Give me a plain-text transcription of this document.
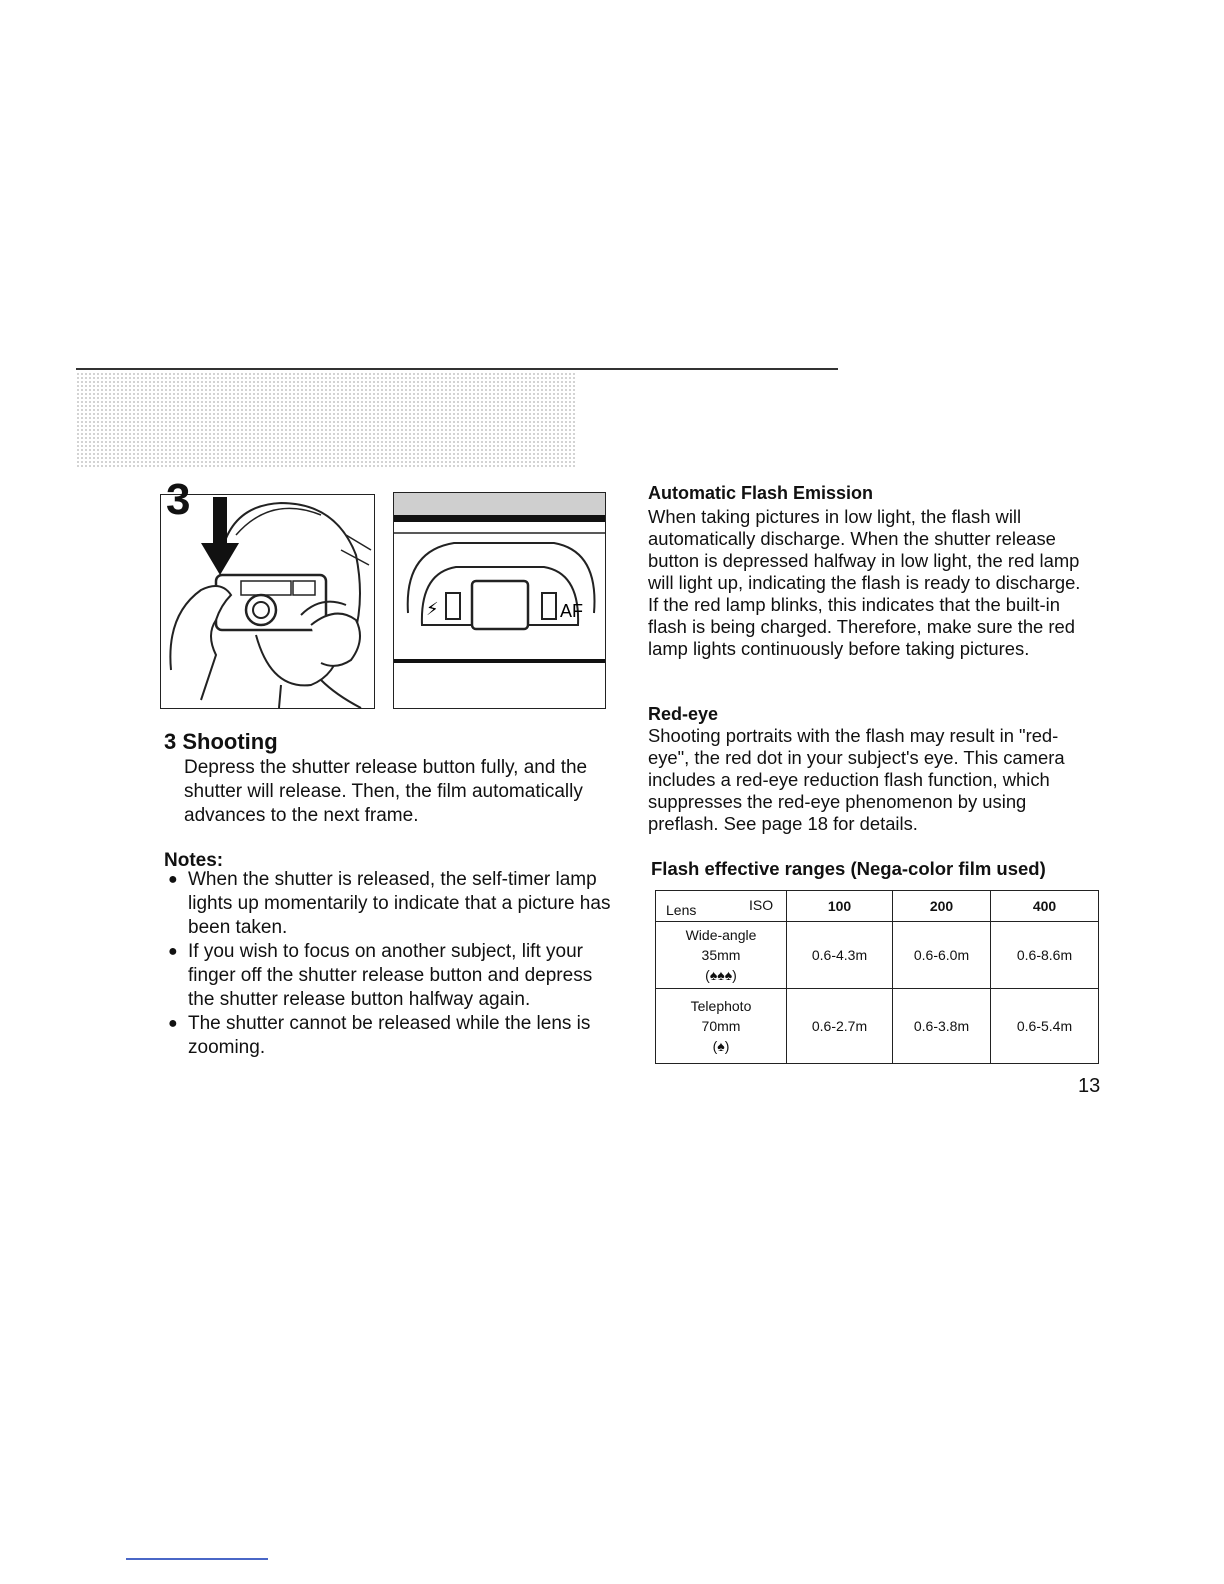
3
⚡	AF
3 Shooting
Depress the shutter release button fully, and the shutter will release. Then, the film automatically advances to the next frame.
Notes:
● When the shutter is released, the self-timer lamp lights up momentarily to indicate that a picture has been taken.
● If you wish to focus on another subject, lift your finger off the shutter release button and depress the shutter release button halfway again.
● The shutter cannot be released while the lens is zooming.
Automatic Flash Emission
When taking pictures in low light, the flash will automatically discharge. When the shutter release button is depressed halfway in low light, the red lamp will light up, indicating the flash is ready to discharge. If the red lamp blinks, this indicates that the built-in flash is being charged. Therefore, make sure the red lamp lights continuously before taking pictures.
Red-eye
Shooting portraits with the flash may result in "red-eye", the red dot in your subject's eye. This camera includes a red-eye reduction flash function, which suppresses the red-eye phenomenon by using preflash. See page 18 for details.
Flash effective ranges (Nega-color film used)
Lens ISO	100	200	400

Wide-angle
35mm
(♠♠♠)	0.6-4.3m	0.6-6.0m	0.6-8.6m

Telephoto
70mm
(♠)	0.6-2.7m	0.6-3.8m	0.6-5.4m
13
